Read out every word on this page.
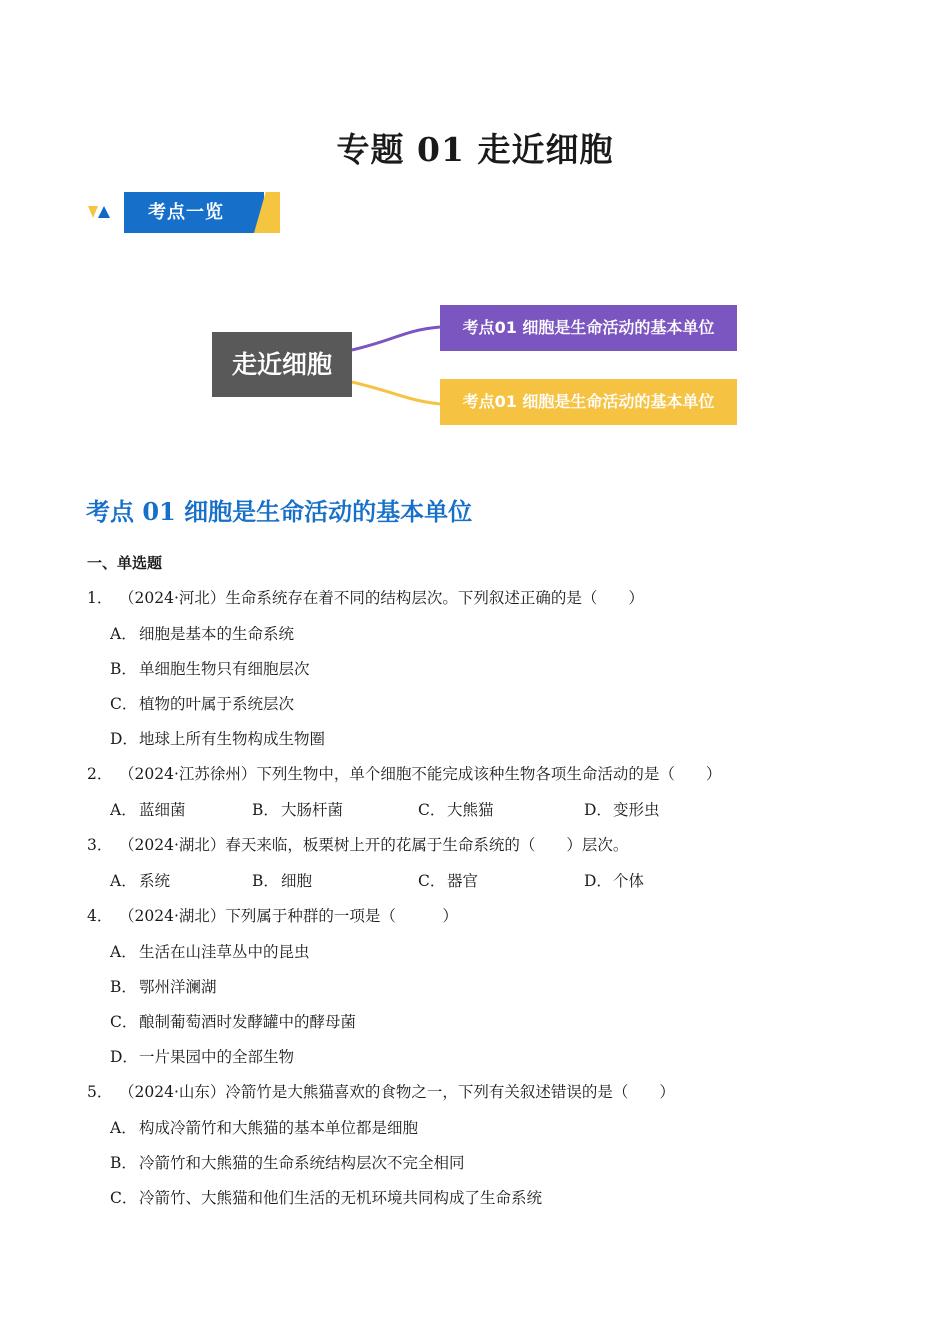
专题 01 走近细胞
考点一览
走近细胞
考点01 细胞是生命活动的基本单位
考点01 细胞是生命活动的基本单位
考点 01 细胞是生命活动的基本单位
一、单选题
1． （2024·河北）生命系统存在着不同的结构层次。下列叙述正确的是（　　）
A． 细胞是基本的生命系统
B． 单细胞生物只有细胞层次
C． 植物的叶属于系统层次
D．地球上所有生物构成生物圈
2． （2024·江苏徐州）下列生物中，单个细胞不能完成该种生物各项生命活动的是（　　）
A． 蓝细菌	B． 大肠杆菌	C． 大熊猫	D．变形虫
3． （2024·湖北）春天来临，板栗树上开的花属于生命系统的（　　）层次。
A． 系统	B． 细胞	C． 器官	D．个体
4． （2024·湖北）下列属于种群的一项是（　　　）
A． 生活在山洼草丛中的昆虫
B． 鄂州洋澜湖
C． 酿制葡萄酒时发酵罐中的酵母菌
D．一片果园中的全部生物
5． （2024·山东）冷箭竹是大熊猫喜欢的食物之一，下列有关叙述错误的是（　　）
A． 构成冷箭竹和大熊猫的基本单位都是细胞
B． 冷箭竹和大熊猫的生命系统结构层次不完全相同
C． 冷箭竹、大熊猫和他们生活的无机环境共同构成了生命系统
